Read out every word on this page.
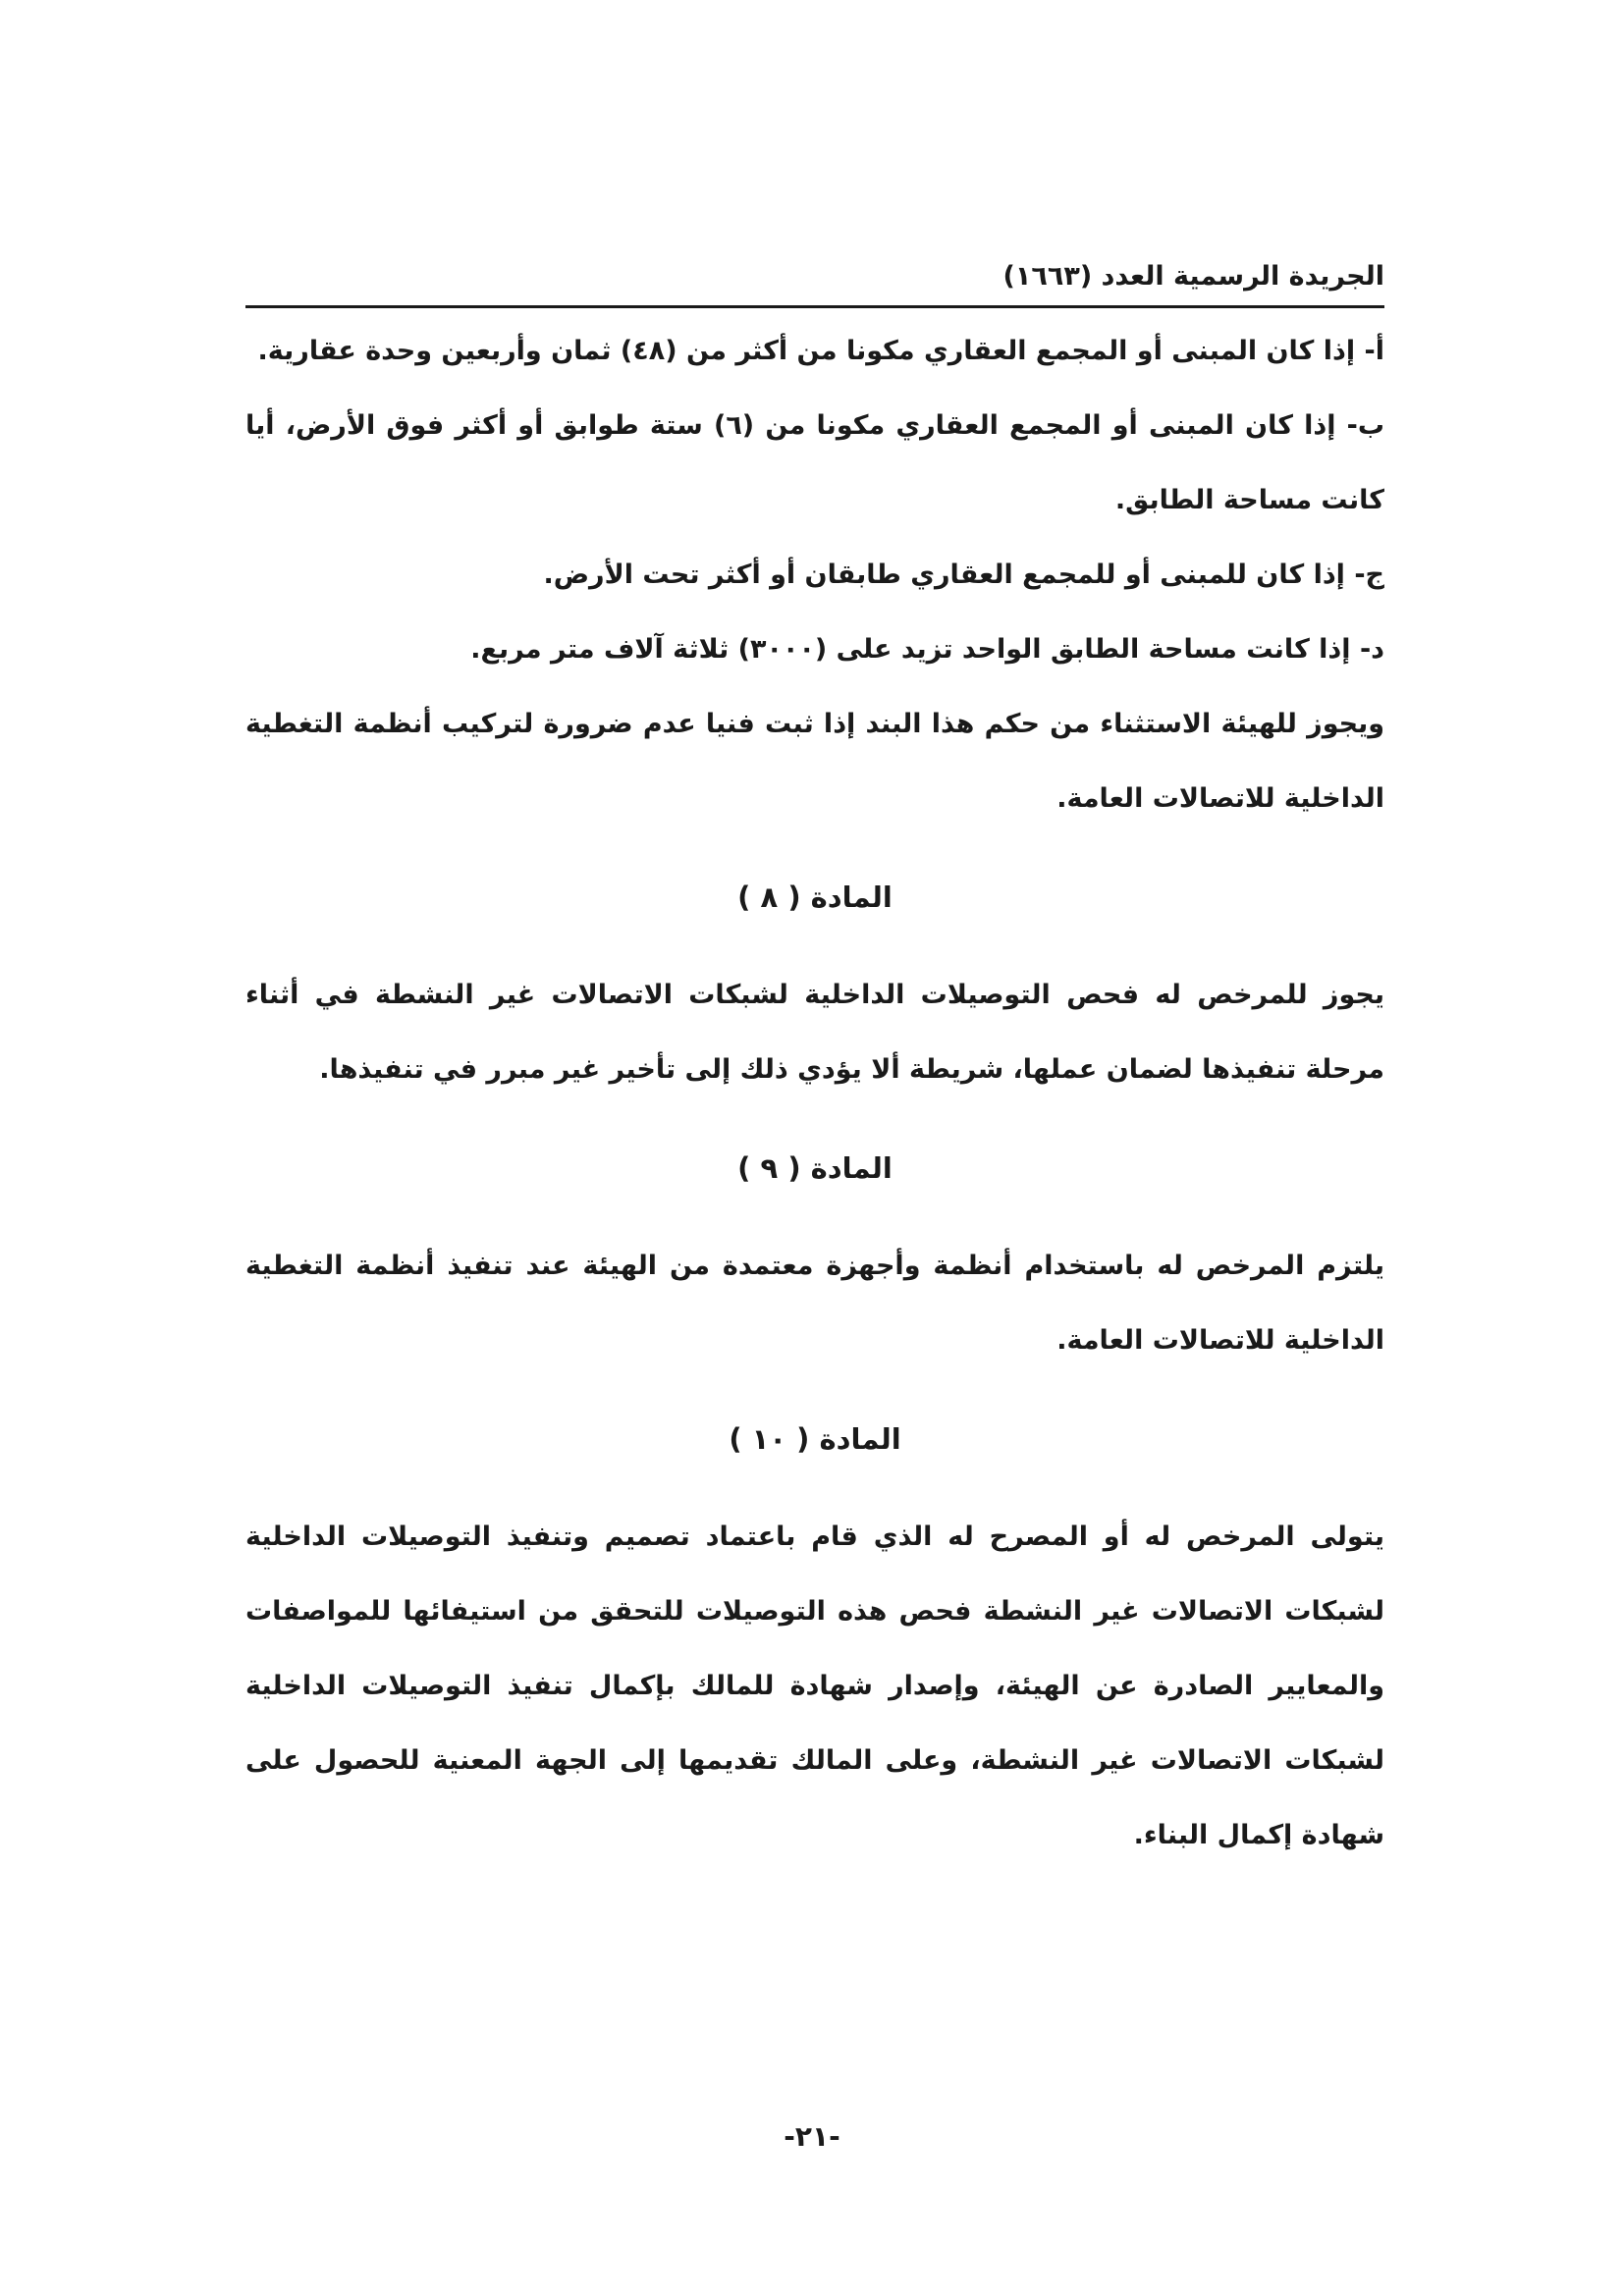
الجريدة الرسمية العدد (١٦٦٣)
أ- إذا كان المبنى أو المجمع العقاري مكونا من أكثر من (٤٨) ثمان وأربعين وحدة عقارية.
ب- إذا كان المبنى أو المجمع العقاري مكونا من (٦) ستة طوابق أو أكثر فوق الأرض، أيا كانت مساحة الطابق.
ج- إذا كان للمبنى أو للمجمع العقاري طابقان أو أكثر تحت الأرض.
د- إذا كانت مساحة الطابق الواحد تزيد على (٣٠٠٠) ثلاثة آلاف متر مربع.

ويجوز للهيئة الاستثناء من حكم هذا البند إذا ثبت فنيا عدم ضرورة لتركيب أنظمة التغطية الداخلية للاتصالات العامة.

المادة ( ٨ )

يجوز للمرخص له فحص التوصيلات الداخلية لشبكات الاتصالات غير النشطة في أثناء مرحلة تنفيذها لضمان عملها، شريطة ألا يؤدي ذلك إلى تأخير غير مبرر في تنفيذها.

المادة ( ٩ )

يلتزم المرخص له باستخدام أنظمة وأجهزة معتمدة من الهيئة عند تنفيذ أنظمة التغطية الداخلية للاتصالات العامة.

المادة ( ١٠ )

يتولى المرخص له أو المصرح له الذي قام باعتماد تصميم وتنفيذ التوصيلات الداخلية لشبكات الاتصالات غير النشطة فحص هذه التوصيلات للتحقق من استيفائها للمواصفات والمعايير الصادرة عن الهيئة، وإصدار شهادة للمالك بإكمال تنفيذ التوصيلات الداخلية لشبكات الاتصالات غير النشطة، وعلى المالك تقديمها إلى الجهة المعنية للحصول على شهادة إكمال البناء.

-٢١-
